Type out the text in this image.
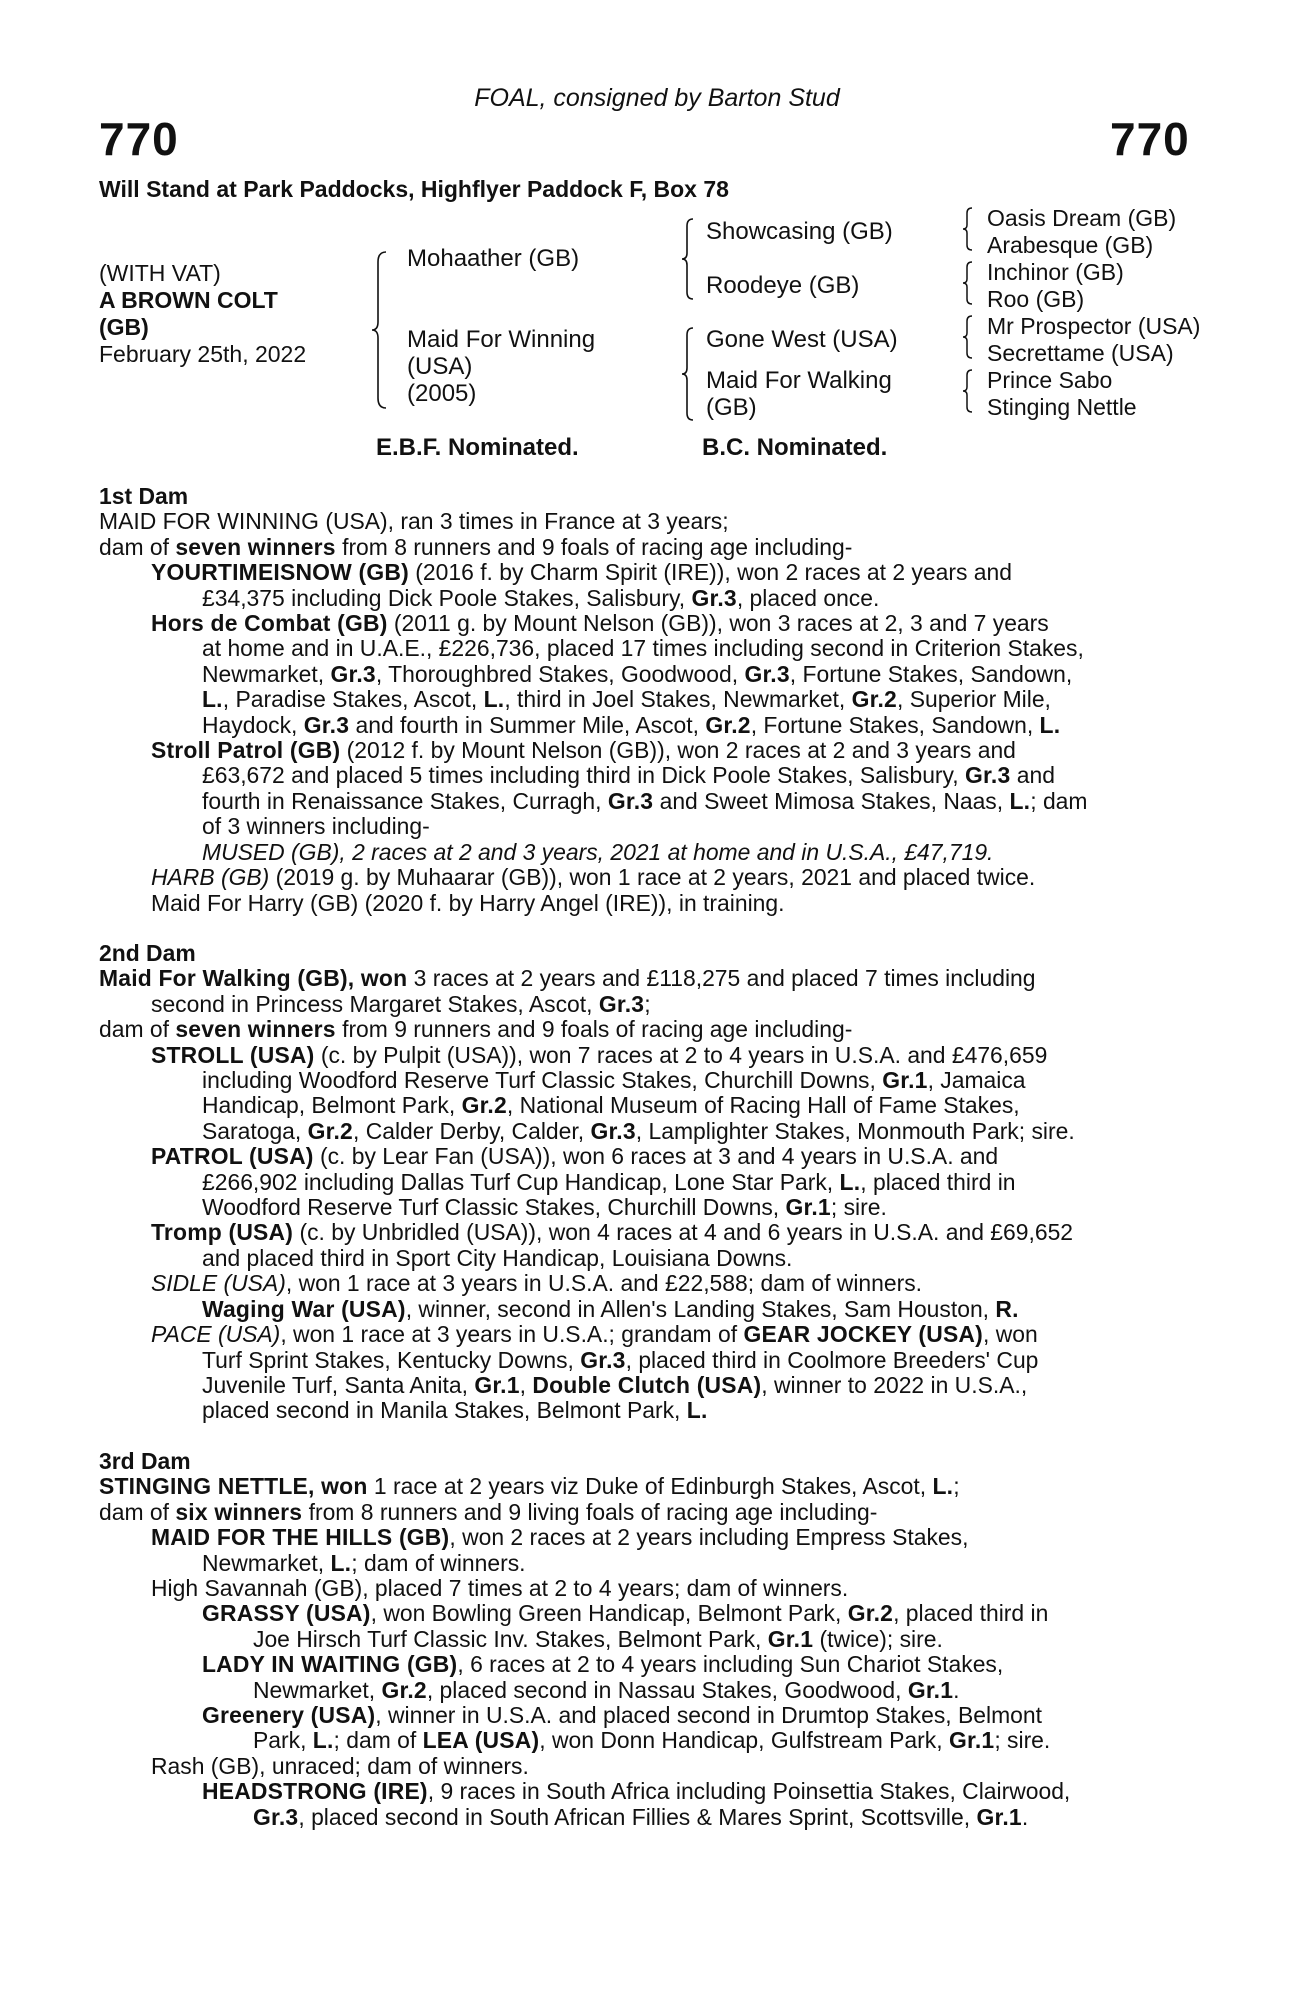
FOAL, consigned by Barton Stud
770	770
Will Stand at Park Paddocks, Highflyer Paddock F, Box 78
(WITH VAT)
A BROWN COLT
(GB)
February 25th, 2022
Mohaather (GB)
Maid For Winning
(USA)
(2005)
Showcasing (GB)
Roodeye (GB)
Gone West (USA)
Maid For Walking
(GB)
Oasis Dream (GB)
Arabesque (GB)
Inchinor (GB)
Roo (GB)
Mr Prospector (USA)
Secrettame (USA)
Prince Sabo
Stinging Nettle
E.B.F. Nominated.	B.C. Nominated.

1st Dam

MAID FOR WINNING (USA), ran 3 times in France at 3 years;

dam of seven winners from 8 runners and 9 foals of racing age including-

YOURTIMEISNOW (GB) (2016 f. by Charm Spirit (IRE)), won 2 races at 2 years and

£34,375 including Dick Poole Stakes, Salisbury, Gr.3, placed once.

Hors de Combat (GB) (2011 g. by Mount Nelson (GB)), won 3 races at 2, 3 and 7 years

at home and in U.A.E., £226,736, placed 17 times including second in Criterion Stakes,

Newmarket, Gr.3, Thoroughbred Stakes, Goodwood, Gr.3, Fortune Stakes, Sandown,

L., Paradise Stakes, Ascot, L., third in Joel Stakes, Newmarket, Gr.2, Superior Mile,

Haydock, Gr.3 and fourth in Summer Mile, Ascot, Gr.2, Fortune Stakes, Sandown, L.

Stroll Patrol (GB) (2012 f. by Mount Nelson (GB)), won 2 races at 2 and 3 years and

£63,672 and placed 5 times including third in Dick Poole Stakes, Salisbury, Gr.3 and

fourth in Renaissance Stakes, Curragh, Gr.3 and Sweet Mimosa Stakes, Naas, L.; dam

of 3 winners including-

MUSED (GB), 2 races at 2 and 3 years, 2021 at home and in U.S.A., £47,719.

HARB (GB) (2019 g. by Muhaarar (GB)), won 1 race at 2 years, 2021 and placed twice.

Maid For Harry (GB) (2020 f. by Harry Angel (IRE)), in training.

2nd Dam

Maid For Walking (GB), won 3 races at 2 years and £118,275 and placed 7 times including

second in Princess Margaret Stakes, Ascot, Gr.3;

dam of seven winners from 9 runners and 9 foals of racing age including-

STROLL (USA) (c. by Pulpit (USA)), won 7 races at 2 to 4 years in U.S.A. and £476,659

including Woodford Reserve Turf Classic Stakes, Churchill Downs, Gr.1, Jamaica

Handicap, Belmont Park, Gr.2, National Museum of Racing Hall of Fame Stakes,

Saratoga, Gr.2, Calder Derby, Calder, Gr.3, Lamplighter Stakes, Monmouth Park; sire.

PATROL (USA) (c. by Lear Fan (USA)), won 6 races at 3 and 4 years in U.S.A. and

£266,902 including Dallas Turf Cup Handicap, Lone Star Park, L., placed third in

Woodford Reserve Turf Classic Stakes, Churchill Downs, Gr.1; sire.

Tromp (USA) (c. by Unbridled (USA)), won 4 races at 4 and 6 years in U.S.A. and £69,652

and placed third in Sport City Handicap, Louisiana Downs.

SIDLE (USA), won 1 race at 3 years in U.S.A. and £22,588; dam of winners.

Waging War (USA), winner, second in Allen's Landing Stakes, Sam Houston, R.

PACE (USA), won 1 race at 3 years in U.S.A.; grandam of GEAR JOCKEY (USA), won

Turf Sprint Stakes, Kentucky Downs, Gr.3, placed third in Coolmore Breeders' Cup

Juvenile Turf, Santa Anita, Gr.1, Double Clutch (USA), winner to 2022 in U.S.A.,

placed second in Manila Stakes, Belmont Park, L.

3rd Dam

STINGING NETTLE, won 1 race at 2 years viz Duke of Edinburgh Stakes, Ascot, L.;

dam of six winners from 8 runners and 9 living foals of racing age including-

MAID FOR THE HILLS (GB), won 2 races at 2 years including Empress Stakes,

Newmarket, L.; dam of winners.

High Savannah (GB), placed 7 times at 2 to 4 years; dam of winners.

GRASSY (USA), won Bowling Green Handicap, Belmont Park, Gr.2, placed third in

Joe Hirsch Turf Classic Inv. Stakes, Belmont Park, Gr.1 (twice); sire.

LADY IN WAITING (GB), 6 races at 2 to 4 years including Sun Chariot Stakes,

Newmarket, Gr.2, placed second in Nassau Stakes, Goodwood, Gr.1.

Greenery (USA), winner in U.S.A. and placed second in Drumtop Stakes, Belmont

Park, L.; dam of LEA (USA), won Donn Handicap, Gulfstream Park, Gr.1; sire.

Rash (GB), unraced; dam of winners.

HEADSTRONG (IRE), 9 races in South Africa including Poinsettia Stakes, Clairwood,

Gr.3, placed second in South African Fillies & Mares Sprint, Scottsville, Gr.1.
